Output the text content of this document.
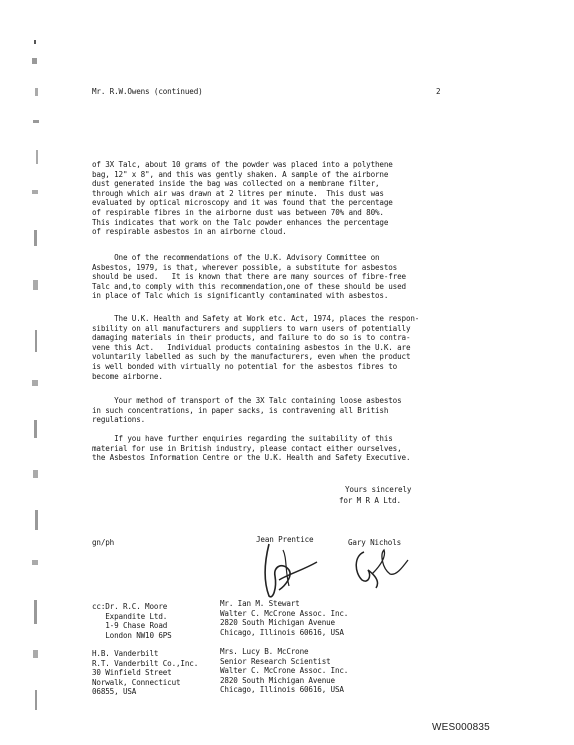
Mr. R.W.Owens (continued)	2
of 3X Talc, about 10 grams of the powder was placed into a polythene
bag, 12" x 8", and this was gently shaken. A sample of the airborne
dust generated inside the bag was collected on a membrane filter,
through which air was drawn at 2 litres per minute.  This dust was
evaluated by optical microscopy and it was found that the percentage
of respirable fibres in the airborne dust was between 70% and 80%.
This indicates that work on the Talc powder enhances the percentage
of respirable asbestos in an airborne cloud.
One of the recommendations of the U.K. Advisory Committee on
Asbestos, 1979, is that, wherever possible, a substitute for asbestos
should be used.   It is known that there are many sources of fibre-free
Talc and,to comply with this recommendation,one of these should be used
in place of Talc which is significantly contaminated with asbestos.
The U.K. Health and Safety at Work etc. Act, 1974, places the respon-
sibility on all manufacturers and suppliers to warn users of potentially
damaging materials in their products, and failure to do so is to contra-
vene this Act.   Individual products containing asbestos in the U.K. are
voluntarily labelled as such by the manufacturers, even when the product
is well bonded with virtually no potential for the asbestos fibres to
become airborne.
Your method of transport of the 3X Talc containing loose asbestos
in such concentrations, in paper sacks, is contravening all British
regulations.
If you have further enquiries regarding the suitability of this
material for use in British industry, please contact either ourselves,
the Asbestos Information Centre or the U.K. Health and Safety Executive.
Yours sincerely
for M R A Ltd.
gn/ph	Jean Prentice	Gary Nichols
cc:Dr. R.C. Moore
Expandite Ltd.
1-9 Chase Road
London NW10 6PS
H.B. Vanderbilt
R.T. Vanderbilt Co.,Inc.
30 Winfield Street
Norwalk, Connecticut
06855, USA
Mr. Ian M. Stewart
Walter C. McCrone Assoc. Inc.
2820 South Michigan Avenue
Chicago, Illinois 60616, USA
Mrs. Lucy B. McCrone
Senior Research Scientist
Walter C. McCrone Assoc. Inc.
2820 South Michigan Avenue
Chicago, Illinois 60616, USA
WES000835
